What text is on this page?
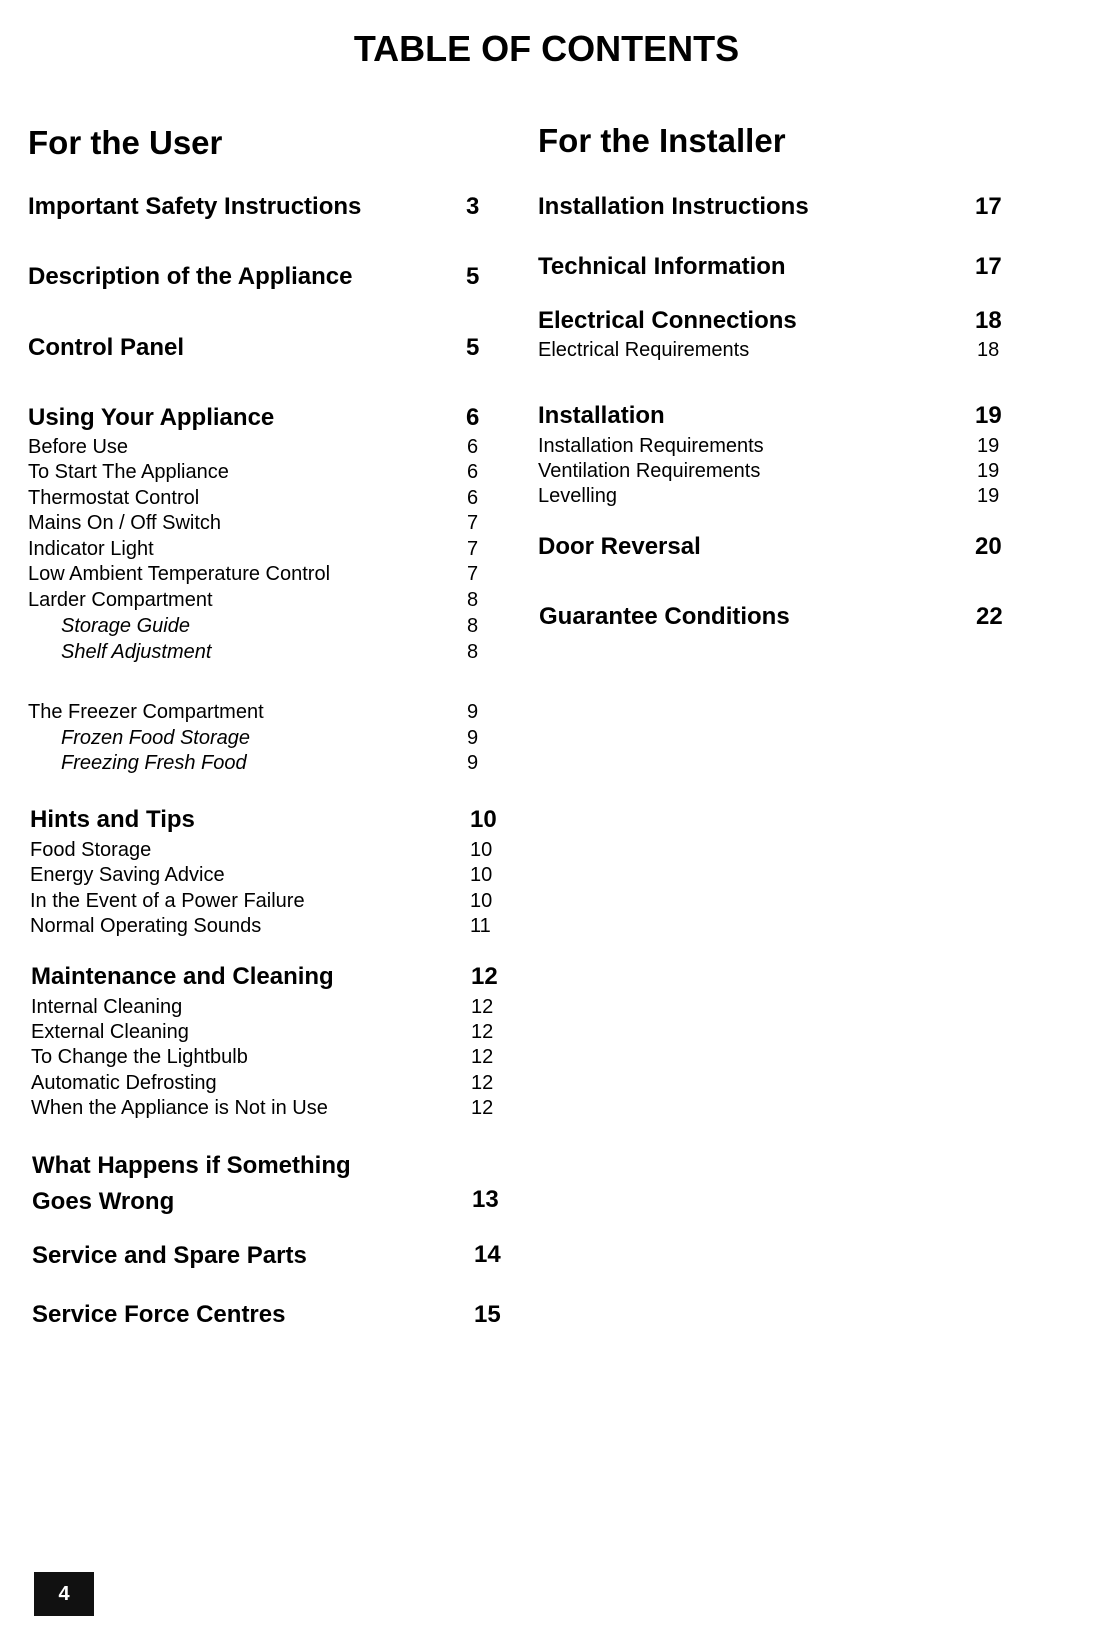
TABLE OF CONTENTS
For the User
Important Safety Instructions	3
Description of the Appliance	5
Control Panel	5
Using Your Appliance	6
Before Use	6
To Start The Appliance	6
Thermostat Control	6
Mains On / Off Switch	7
Indicator Light	7
Low Ambient Temperature Control	7
Larder Compartment	8
Storage Guide	8
Shelf Adjustment	8
The Freezer Compartment	9
Frozen Food Storage	9
Freezing Fresh Food	9
Hints and Tips	10
Food Storage	10
Energy Saving Advice	10
In the Event of a Power Failure	10
Normal Operating Sounds	11
Maintenance and Cleaning	12
Internal Cleaning	12
External Cleaning	12
To Change the Lightbulb	12
Automatic Defrosting	12
When the Appliance is Not in Use	12
What Happens if Something
Goes Wrong	13
Service and Spare Parts	14
Service Force Centres	15
For the Installer
Installation Instructions	17
Technical Information	17
Electrical Connections	18
Electrical Requirements	18
Installation	19
Installation Requirements	19
Ventilation Requirements	19
Levelling	19
Door Reversal	20
Guarantee Conditions	22
4
